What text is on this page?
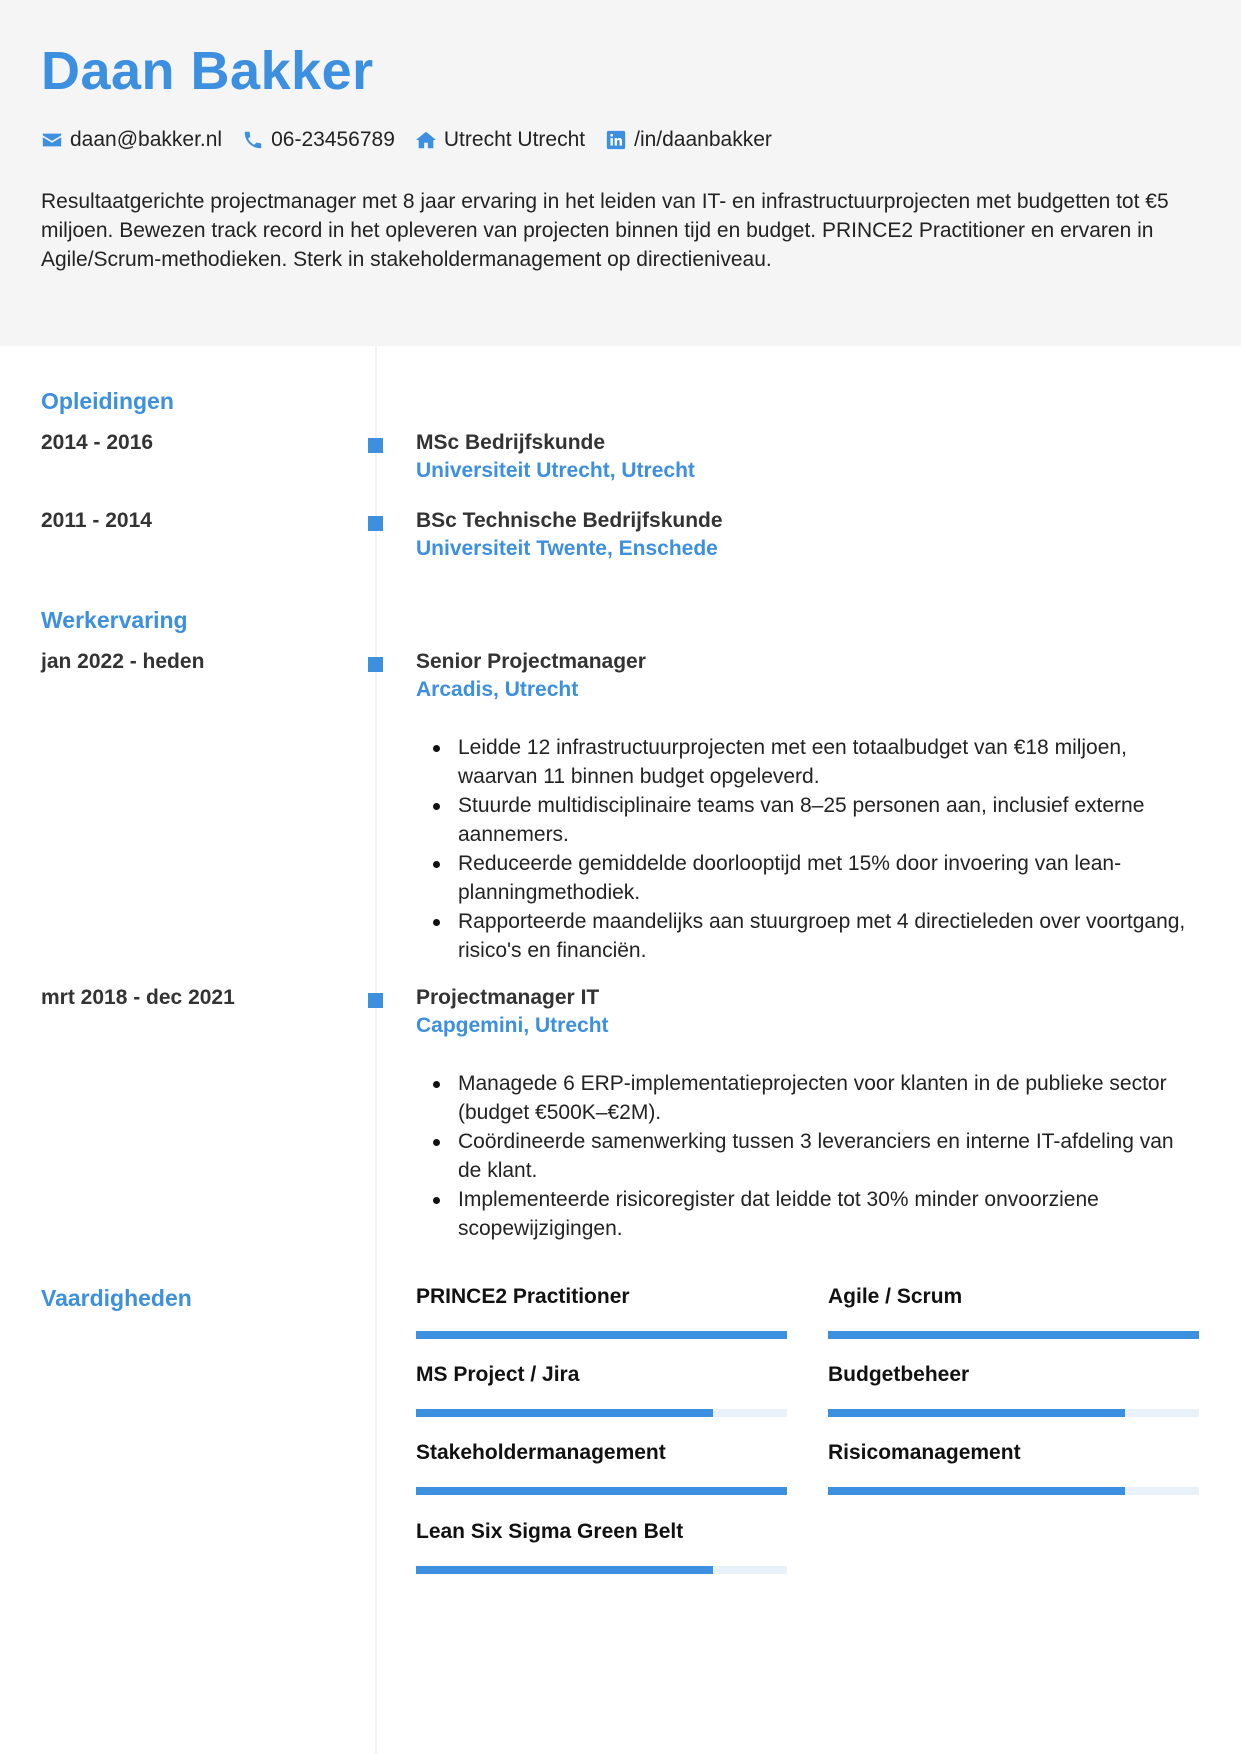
Daan Bakker
daan@bakker.nl 06-23456789 Utrecht Utrecht /in/daanbakker
Resultaatgerichte projectmanager met 8 jaar ervaring in het leiden van IT- en infrastructuurprojecten met budgetten tot €5 miljoen. Bewezen track record in het opleveren van projecten binnen tijd en budget. PRINCE2 Practitioner en ervaren in Agile/Scrum-methodieken. Sterk in stakeholdermanagement op directieniveau.
Opleidingen
2014 - 2016	MSc Bedrijfskunde
Universiteit Utrecht, Utrecht
2011 - 2014	BSc Technische Bedrijfskunde
Universiteit Twente, Enschede
Werkervaring
jan 2022 - heden	Senior Projectmanager
Arcadis, Utrecht
Leidde 12 infrastructuurprojecten met een totaalbudget van €18 miljoen, waarvan 11 binnen budget opgeleverd.
Stuurde multidisciplinaire teams van 8–25 personen aan, inclusief externe aannemers.
Reduceerde gemiddelde doorlooptijd met 15% door invoering van lean-planningmethodiek.
Rapporteerde maandelijks aan stuurgroep met 4 directieleden over voortgang, risico's en financiën.
mrt 2018 - dec 2021	Projectmanager IT
Capgemini, Utrecht
Managede 6 ERP-implementatieprojecten voor klanten in de publieke sector (budget €500K–€2M).
Coördineerde samenwerking tussen 3 leveranciers en interne IT-afdeling van de klant.
Implementeerde risicoregister dat leidde tot 30% minder onvoorziene scopewijzigingen.
Vaardigheden	PRINCE2 Practitioner	Agile / Scrum
MS Project / Jira	Budgetbeheer
Stakeholdermanagement	Risicomanagement
Lean Six Sigma Green Belt
